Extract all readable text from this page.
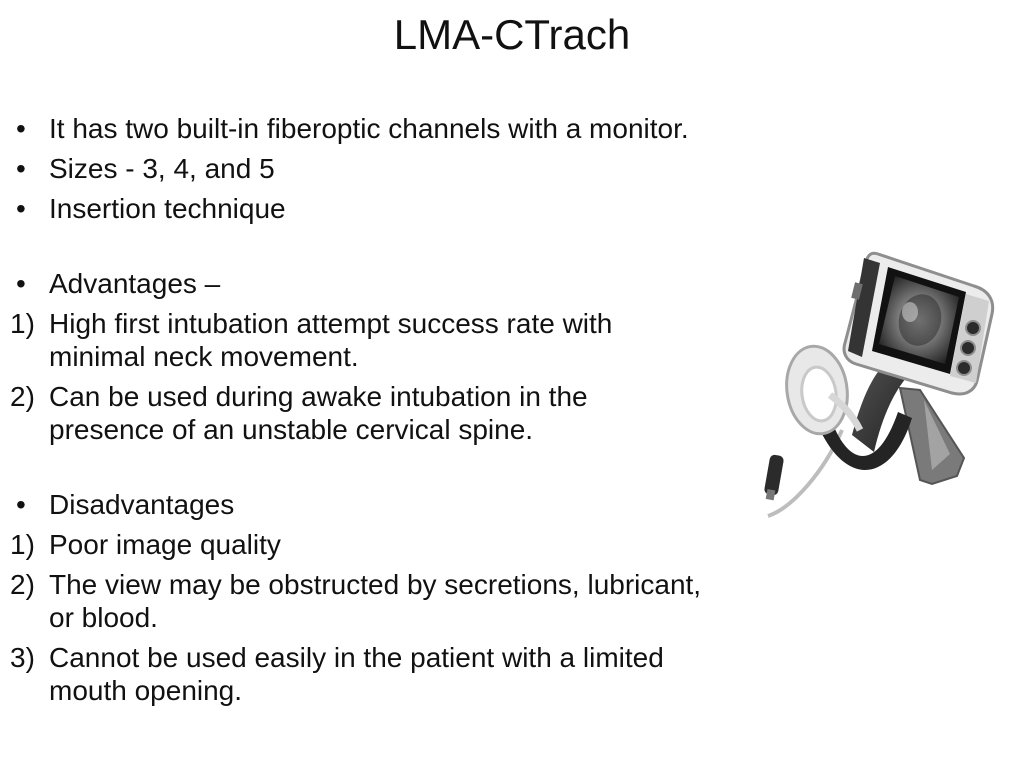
LMA-CTrach
• It has two built-in fiberoptic channels with a monitor.
• Sizes - 3, 4, and 5
• Insertion technique
• Advantages –
1) High first intubation attempt success rate with minimal neck movement.
2) Can be used during awake intubation in the presence of an unstable cervical spine.
• Disadvantages
1) Poor image quality
2) The view may be obstructed by secretions, lubricant, or blood.
3) Cannot be used easily in the patient with a limited mouth opening.
